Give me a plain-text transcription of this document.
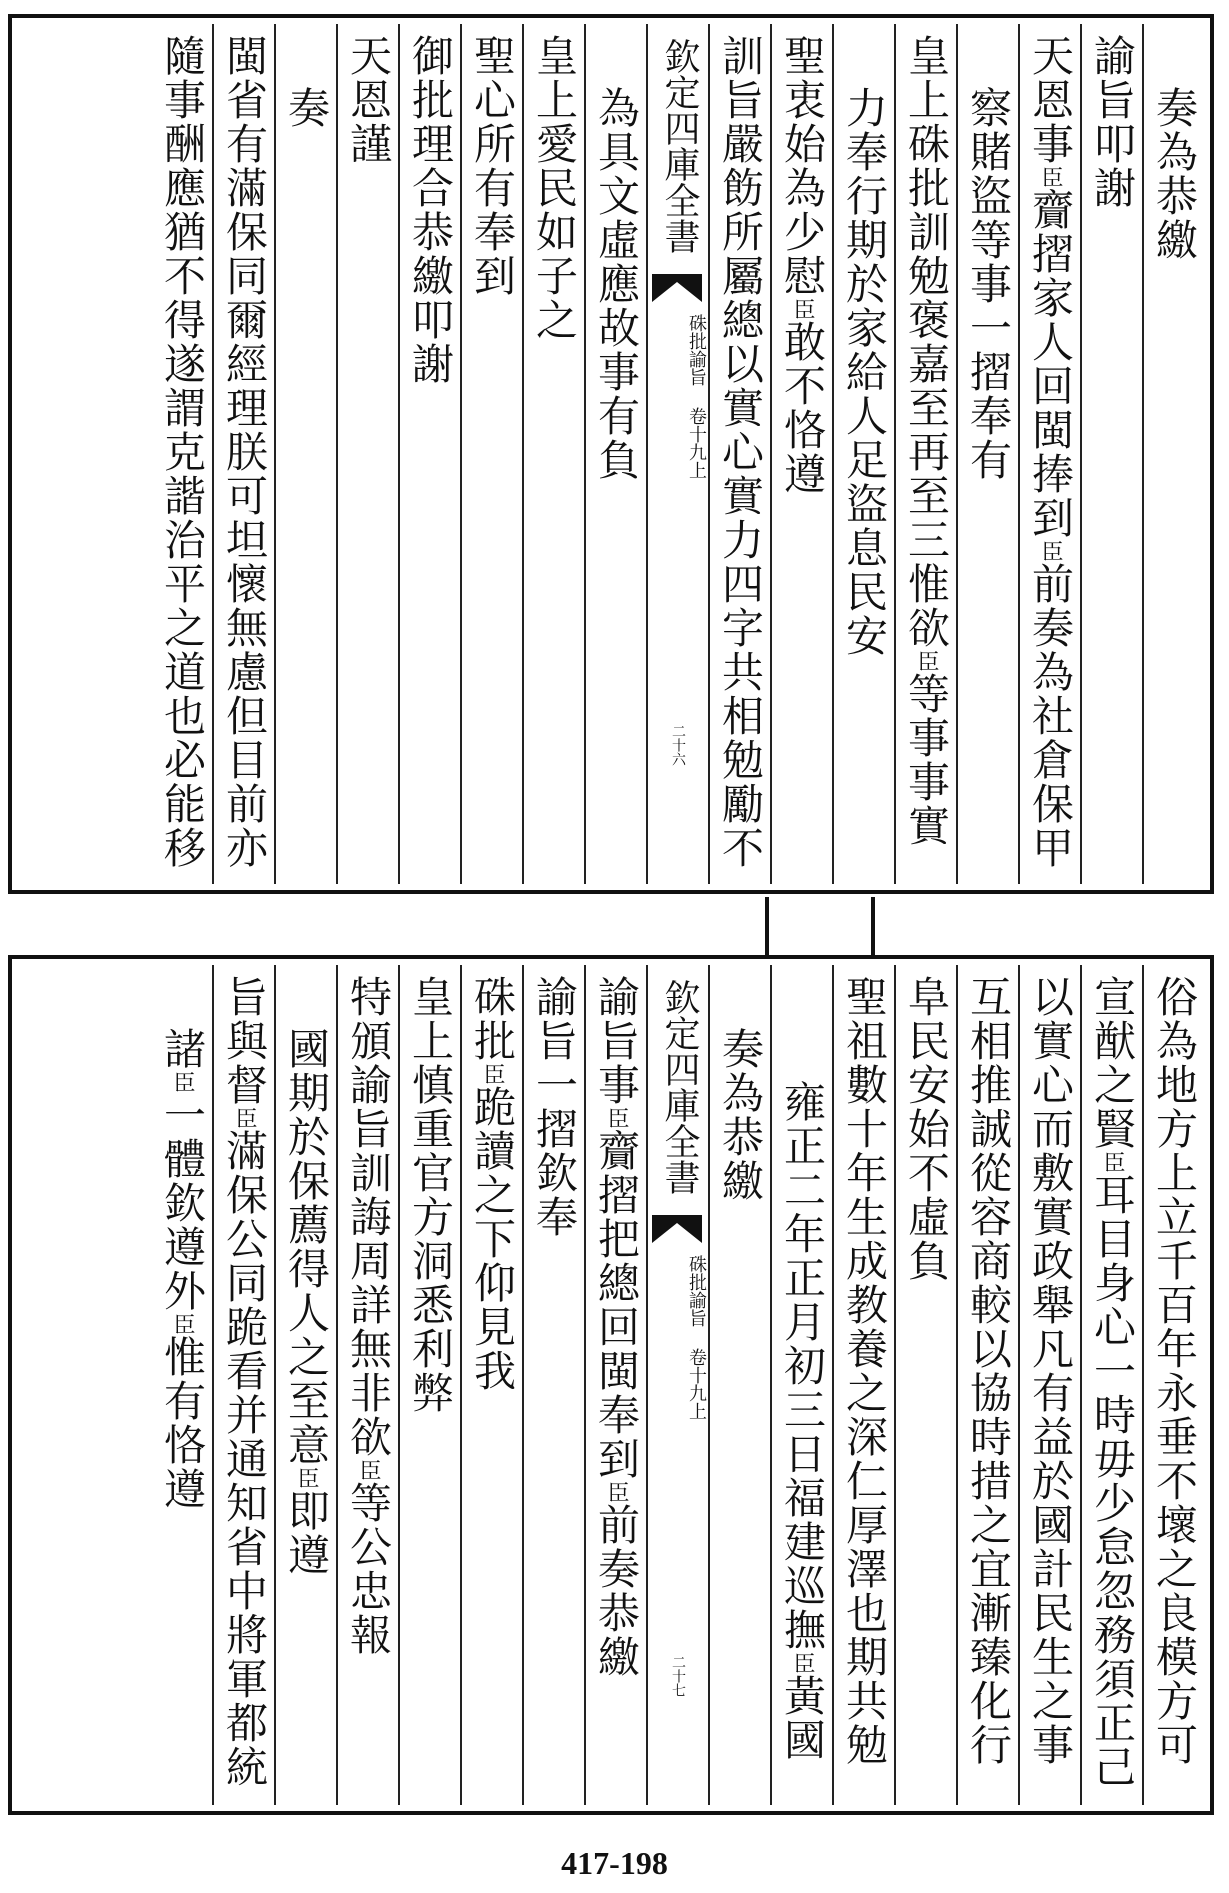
奏為恭繳
諭旨叩謝
天恩事臣齎摺家人回閩捧到臣前奏為社倉保甲
察賭盜等事一摺奉有
皇上硃批訓勉褒嘉至再至三惟欲臣等事事實
力奉行期於家給人足盜息民安
聖衷始為少慰臣敢不恪遵
訓旨嚴飭所屬總以實心實力四字共相勉勵不
欽定四庫全書
硃批諭旨 卷十九上
二十六
為具文虛應故事有負
皇上愛民如子之
聖心所有奉到
御批理合恭繳叩謝
天恩謹
奏
閩省有滿保同爾經理朕可坦懷無慮但目前亦
隨事酬應猶不得遂謂克諧治平之道也必能移
俗為地方上立千百年永垂不壞之良模方可
宣猷之賢臣耳目身心一時毋少怠忽務須正己
以實心而敷實政舉凡有益於國計民生之事
互相推誠從容商較以協時措之宜漸臻化行
阜民安始不虛負
聖祖數十年生成教養之深仁厚澤也期共勉
雍正二年正月初三日福建巡撫臣黃國
奏為恭繳
欽定四庫全書
硃批諭旨 卷十九上
二十七
諭旨事臣齎摺把總回閩奉到臣前奏恭繳
諭旨一摺欽奉
硃批臣跪讀之下仰見我
皇上慎重官方洞悉利弊
特頒諭旨訓誨周詳無非欲臣等公忠報
國期於保薦得人之至意臣即遵
旨與督臣滿保公同跪看并通知省中將軍都統
諸臣一體欽遵外臣惟有恪遵
417-198
